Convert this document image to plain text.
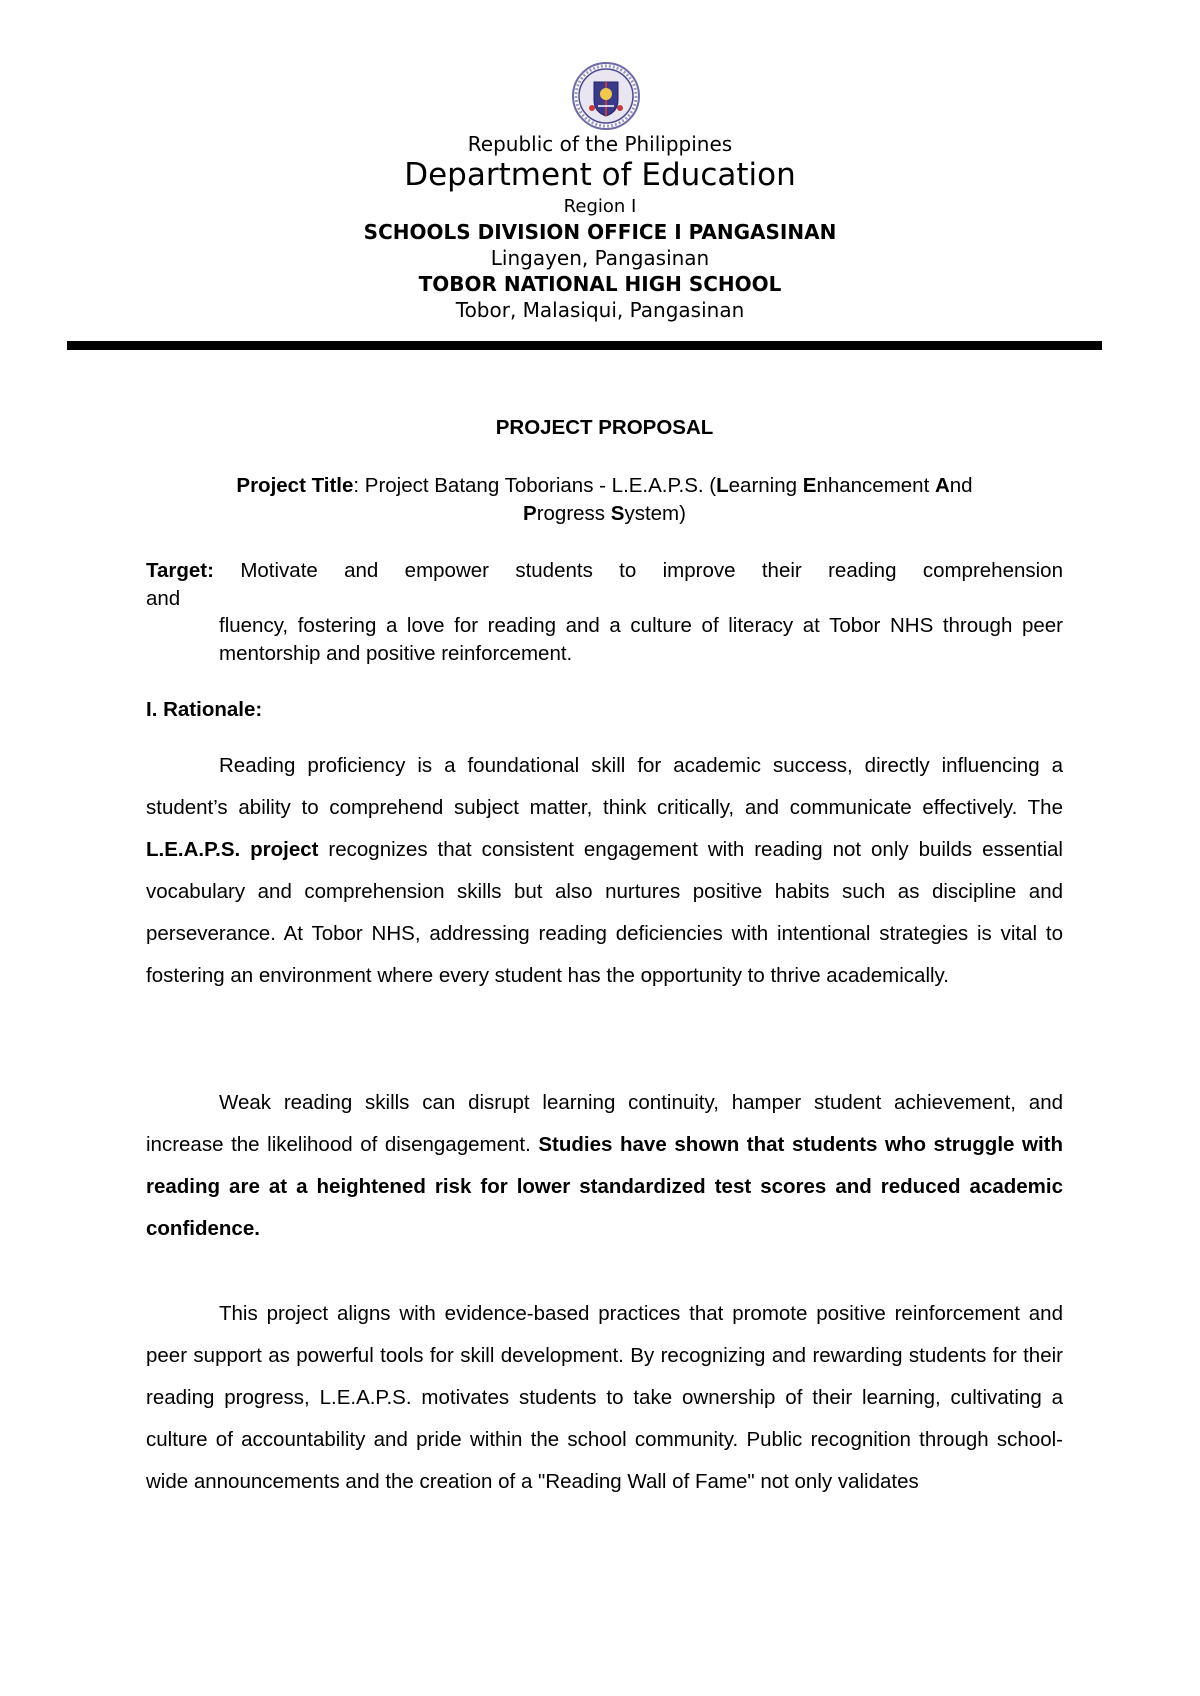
Republic of the Philippines
Department of Education
Region I
SCHOOLS DIVISION OFFICE I PANGASINAN
Lingayen, Pangasinan
TOBOR NATIONAL HIGH SCHOOL
Tobor, Malasiqui, Pangasinan
PROJECT PROPOSAL
Project Title: Project Batang Toborians - L.E.A.P.S. (Learning Enhancement And
Progress System)
Target: Motivate and empower students to improve their reading comprehension
and
fluency, fostering a love for reading and a culture of literacy at Tobor NHS through peer mentorship and positive reinforcement.
I. Rationale:
Reading proficiency is a foundational skill for academic success, directly influencing a student’s ability to comprehend subject matter, think critically, and communicate effectively. The L.E.A.P.S. project recognizes that consistent engagement with reading not only builds essential vocabulary and comprehension skills but also nurtures positive habits such as discipline and perseverance. At Tobor NHS, addressing reading deficiencies with intentional strategies is vital to fostering an environment where every student has the opportunity to thrive academically.
Weak reading skills can disrupt learning continuity, hamper student achievement, and increase the likelihood of disengagement. Studies have shown that students who struggle with reading are at a heightened risk for lower standardized test scores and reduced academic confidence.
This project aligns with evidence-based practices that promote positive reinforcement and peer support as powerful tools for skill development. By recognizing and rewarding students for their reading progress, L.E.A.P.S. motivates students to take ownership of their learning, cultivating a culture of accountability and pride within the school community. Public recognition through school-wide announcements and the creation of a "Reading Wall of Fame" not only validates
